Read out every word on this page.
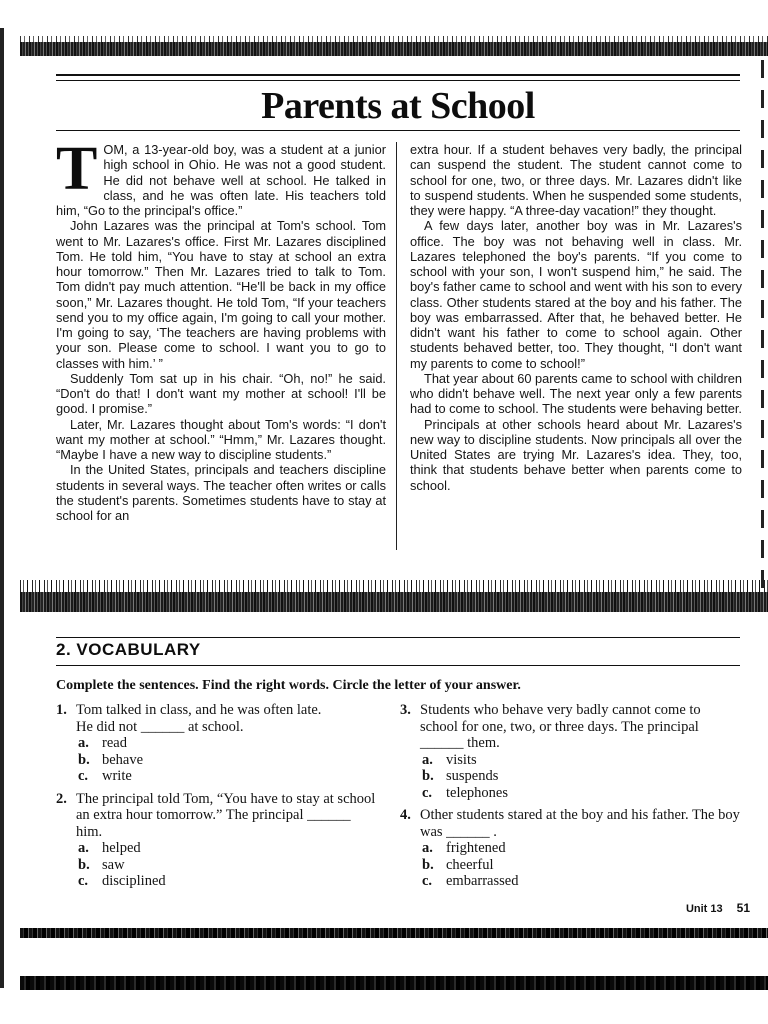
Parents at School
T OM, a 13-year-old boy, was a student at a junior high school in Ohio. He was not a good student. He did not behave well at school. He talked in class, and he was often late. His teachers told him, “Go to the principal's office.”

John Lazares was the principal at Tom's school. Tom went to Mr. Lazares's office. First Mr. Lazares disciplined Tom. He told him, “You have to stay at school an extra hour tomorrow.” Then Mr. Lazares tried to talk to Tom. Tom didn't pay much attention. “He'll be back in my office soon,” Mr. Lazares thought. He told Tom, “If your teachers send you to my office again, I'm going to call your mother. I'm going to say, ‘The teachers are having problems with your son. Please come to school. I want you to go to classes with him.’ ”

Suddenly Tom sat up in his chair. “Oh, no!” he said. “Don't do that! I don't want my mother at school! I'll be good. I promise.”

Later, Mr. Lazares thought about Tom's words: “I don't want my mother at school.” “Hmm,” Mr. Lazares thought. “Maybe I have a new way to discipline students.”

In the United States, principals and teachers discipline students in several ways. The teacher often writes or calls the student's parents. Sometimes students have to stay at school for an

extra hour. If a student behaves very badly, the principal can suspend the student. The student cannot come to school for one, two, or three days. Mr. Lazares didn't like to suspend students. When he suspended some students, they were happy. “A three-day vacation!” they thought.

A few days later, another boy was in Mr. Lazares's office. The boy was not behaving well in class. Mr. Lazares telephoned the boy's parents. “If you come to school with your son, I won't suspend him,” he said. The boy's father came to school and went with his son to every class. Other students stared at the boy and his father. The boy was embarrassed. After that, he behaved better. He didn't want his father to come to school again. Other students behaved better, too. They thought, “I don't want my parents to come to school!”

That year about 60 parents came to school with children who didn't behave well. The next year only a few parents had to come to school. The students were behaving better.

Principals at other schools heard about Mr. Lazares's new way to discipline students. Now principals all over the United States are trying Mr. Lazares's idea. They, too, think that students behave better when parents come to school.

2. VOCABULARY

Complete the sentences. Find the right words. Circle the letter of your answer.

1. Tom talked in class, and he was often late.
He did not ______ at school.
a. read
b. behave
c. write
2. The principal told Tom, “You have to stay at school an extra hour tomorrow.” The principal ______ him.
a. helped
b. saw
c. disciplined
3. Students who behave very badly cannot come to school for one, two, or three days. The principal ______ them.
a. visits
b. suspends
c. telephones
4. Other students stared at the boy and his father. The boy was ______ .
a. frightened
b. cheerful
c. embarrassed
Unit 13 51
